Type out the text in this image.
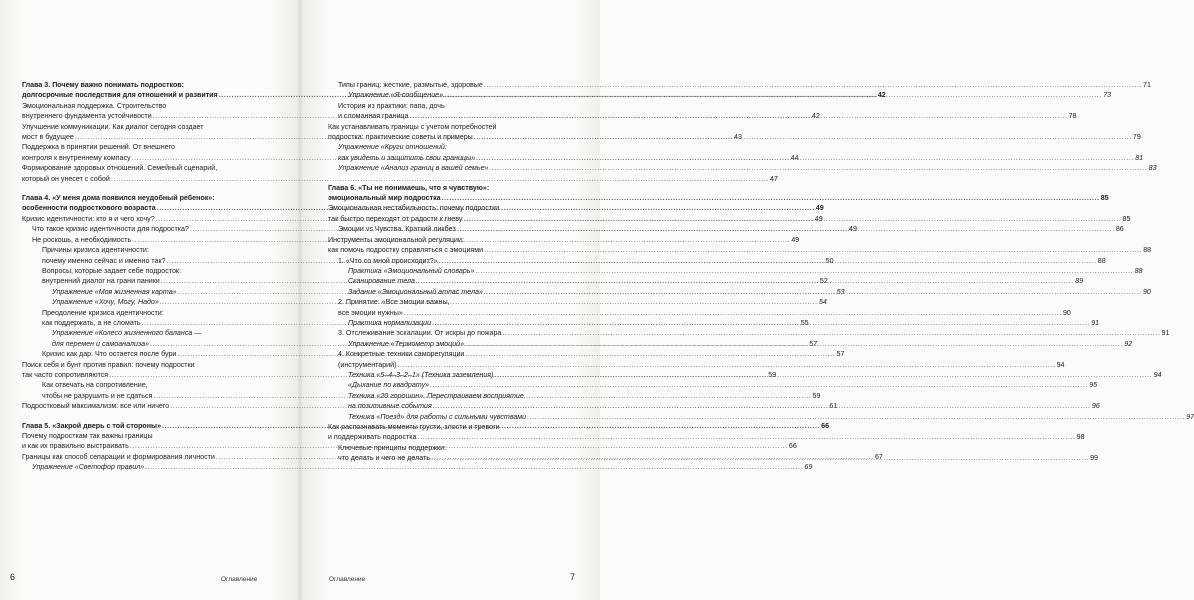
Глава 3. Почему важно понимать подростков:
долгосрочные последствия для отношений и развития .....	42
Эмоциональная поддержка. Строительство
внутреннего фундамента устойчивости .....	42
Улучшение коммуникации. Как диалог сегодня создает
мост в будущее .....	43
Поддержка в принятии решений. От внешнего
контроля к внутреннему компасу .....	44
Формирование здоровых отношений. Семейный сценарий,
который он унесет с собой .....	47
Глава 4. «У меня дома появился неудобный ребенок»:
особенности подросткового возраста .....	49
Кризис идентичности: кто я и чего хочу? .....	49
Что такое кризис идентичности для подростка? .....	49
Не роскошь, а необходимость .....	49
Причины кризиса идентичности:
почему именно сейчас и именно так? .....	50
Вопросы, которые задает себе подросток:
внутренний диалог на грани паники .....	52
Упражнение «Моя жизненная карта» .....	53
Упражнение «Хочу, Могу, Надо» .....	54
Преодоление кризиса идентичности:
как поддержать, а не сломать .....	55
Упражнение «Колесо жизненного баланса —
для перемен и самоанализа» .....	57
Кризис как дар. Что остается после бури .....	57
Поиск себя и бунт против правил: почему подростки
так часто сопротивляются .....	59
Как отвечать на сопротивление,
чтобы не разрушить и не сдаться .....	59
Подростковый максимализм: все или ничего .....	61
Глава 5. «Закрой дверь с той стороны» .....	66
Почему подросткам так важны границы
и как их правильно выстраивать .....	66
Границы как способ сепарации и формирования личности .....	67
Упражнение «Светофор правил» .....	69
6	Оглавление
Типы границ: жесткие, размытые, здоровые .....	71
Упражнение «Я-сообщение» .....	73
История из практики: папа, дочь
и сломанная граница .....	78
Как устанавливать границы с учетом потребностей
подростка: практические советы и примеры .....	79
Упражнение «Круги отношений:
как увидеть и защитить свои границы» .....	81
Упражнение «Анализ границ в вашей семье» .....	83
Глава 6. «Ты не понимаешь, что я чувствую»:
эмоциональный мир подростка .....	85
Эмоциональная нестабильность: почему подростки
так быстро переходят от радости к гневу .....	85
Эмоции vs Чувства. Краткий ликбез .....	86
Инструменты эмоциональной регуляции:
как помочь подростку справляться с эмоциями .....	88
1. «Что со мной происходит?» .....	88
Практика «Эмоциональный словарь» .....	88
Сканирование тела .....	89
Задание «Эмоциональный атлас тела» .....	90
2. Принятие: «Все эмоции важны,
все эмоции нужны» .....	90
Практика нормализации .....	91
3. Отслеживание эскалации. От искры до пожара .....	91
Упражнение «Термометр эмоций» .....	92
4. Конкретные техники саморегуляции
(инструментарий) .....	94
Техника «5–4–3–2–1» (Техника заземления) .....	94
«Дыхание по квадрату» .....	95
Техника «20 горошин». Перестраиваем восприятие
на позитивные события .....	96
Техника «Поезд» для работы с сильными чувствами .....	97
Как распознавать моменты грусти, злости и тревоги
и поддерживать подростка .....	98
Ключевые принципы поддержки:
что делать и чего не делать .....	99
7
Оглавление
